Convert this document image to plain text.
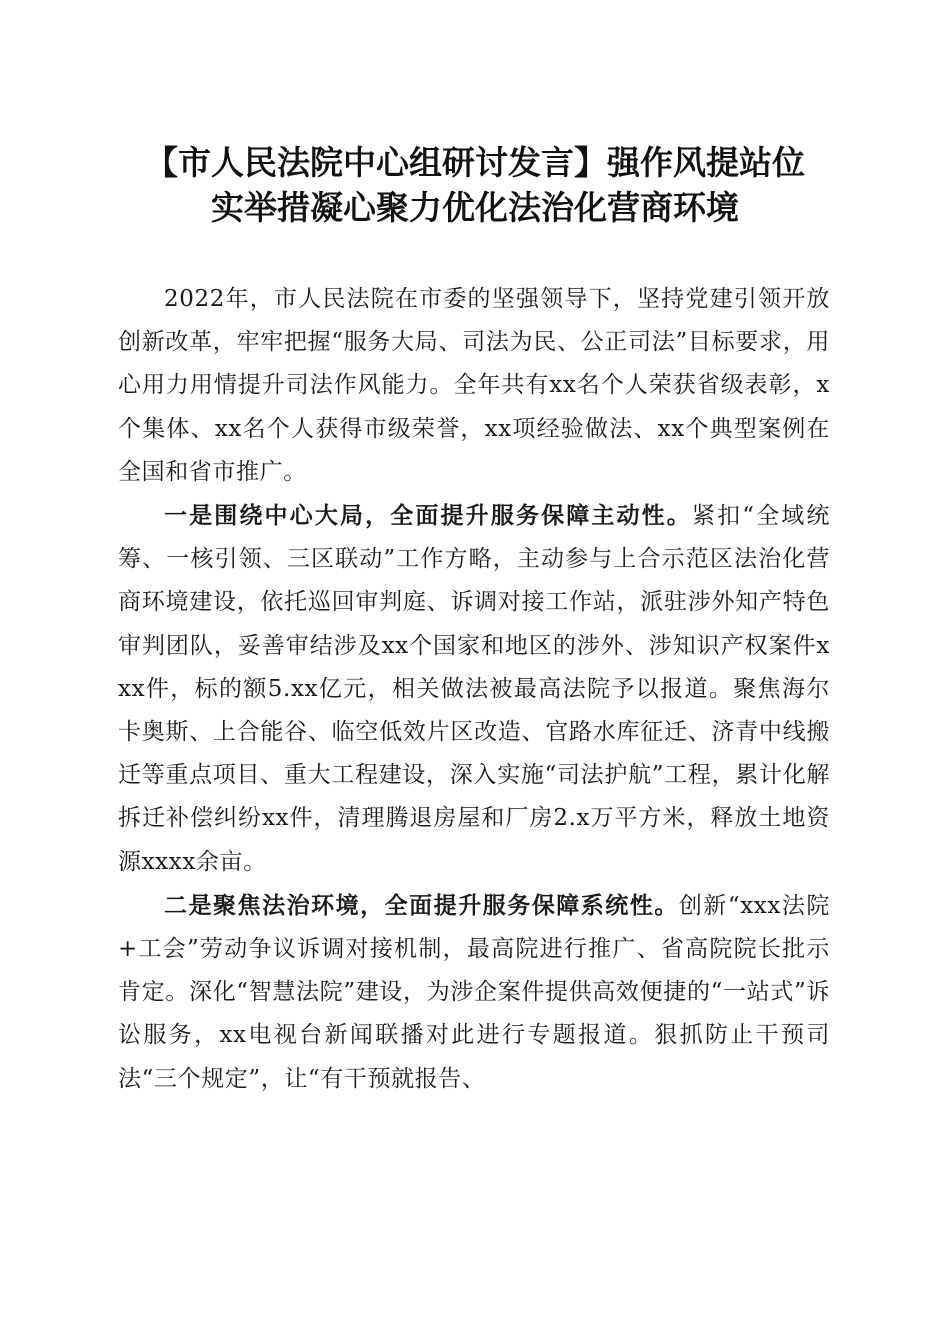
【市人民法院中心组研讨发言】强作风提站位
实举措凝心聚力优化法治化营商环境

2022年，市人民法院在市委的坚强领导下，坚持党建引领开放创新改革，牢牢把握“服务大局、司法为民、公正司法”目标要求，用心用力用情提升司法作风能力。全年共有xx名个人荣获省级表彰，x个集体、xx名个人获得市级荣誉，xx项经验做法、xx个典型案例在全国和省市推广。

一是围绕中心大局，全面提升服务保障主动性。紧扣“全域统筹、一核引领、三区联动”工作方略，主动参与上合示范区法治化营商环境建设，依托巡回审判庭、诉调对接工作站，派驻涉外知产特色审判团队，妥善审结涉及xx个国家和地区的涉外、涉知识产权案件xxx件，标的额5.xx亿元，相关做法被最高法院予以报道。聚焦海尔卡奥斯、上合能谷、临空低效片区改造、官路水库征迁、济青中线搬迁等重点项目、重大工程建设，深入实施“司法护航”工程，累计化解拆迁补偿纠纷xx件，清理腾退房屋和厂房2.x万平方米，释放土地资源xxxx余亩。

二是聚焦法治环境，全面提升服务保障系统性。创新“xxx法院+工会”劳动争议诉调对接机制，最高院进行推广、省高院院长批示肯定。深化“智慧法院”建设，为涉企案件提供高效便捷的“一站式”诉讼服务，xx电视台新闻联播对此进行专题报道。狠抓防止干预司法“三个规定”，让“有干预就报告、
